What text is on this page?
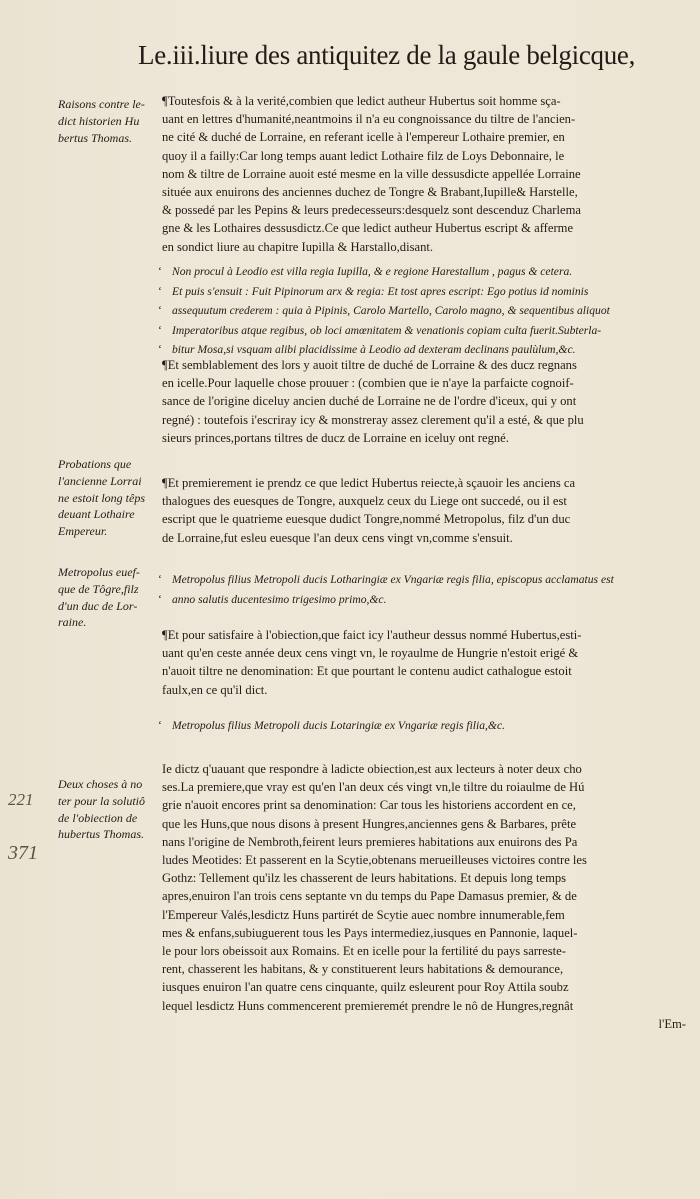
Le.iii.liure des antiquitez de la gaule belgicque,
¶Toutesfois & à la verité,combien que ledict autheur Hubertus soit homme sça-
uant en lettres d'humanité,neantmoins il n'a eu congnoissance du tiltre de l'ancien-
ne cité & duché de Lorraine, en referant icelle à l'empereur Lothaire premier, en
quoy il a failly:Car long temps auant ledict Lothaire filz de Loys Debonnaire, le
nom & tiltre de Lorraine auoit esté mesme en la ville dessusdicte appellée Lorraine
située aux enuirons des anciennes duchez de Tongre & Brabant,Iupille& Harstelle,
& possedé par les Pepins & leurs predecesseurs:desquelz sont descenduz Charlema
gne & les Lothaires dessusdictz.Ce que ledict autheur Hubertus escript & afferme
en sondict liure au chapitre Iupilla & Harstallo,disant.
‘ Non procul à Leodio est villa regia Iupilla, & e regione Harestallum , pagus & cetera.
‘ Et puis s'ensuit : Fuit Pipinorum arx & regia: Et tost apres escript: Ego potius id nominis
‘ assequutum crederem : quia à Pipinis, Carolo Martello, Carolo magno, & sequentibus aliquot
‘ Imperatoribus atque regibus, ob loci amœnitatem & venationis copiam culta fuerit.Subterla-
‘ bitur Mosa,si vsquam alibi placidissime à Leodio ad dexteram declinans paulùlum,&c.
¶Et semblablement des lors y auoit tiltre de duché de Lorraine & des ducz regnans
en icelle.Pour laquelle chose prouuer : (combien que ie n'aye la parfaicte cognoif-
sance de l'origine diceluy ancien duché de Lorraine ne de l'ordre d'iceux, qui y ont
regné) : toutefois i'escriray icy & monstreray assez clerement qu'il a esté, & que plu
sieurs princes,portans tiltres de ducz de Lorraine en iceluy ont regné.
¶Et premierement ie prendz ce que ledict Hubertus reiecte,à sçauoir les anciens ca
thalogues des euesques de Tongre, auxquelz ceux du Liege ont succedé, ou il est
escript que le quatrieme euesque dudict Tongre,nommé Metropolus, filz d'un duc
de Lorraine,fut esleu euesque l'an deux cens vingt vn,comme s'ensuit.
‘ Metropolus filius Metropoli ducis Lotharingiæ ex Vngariæ regis filia, episcopus acclamatus est
‘ anno salutis ducentesimo trigesimo primo,&c.
¶Et pour satisfaire à l'obiection,que faict icy l'autheur dessus nommé Hubertus,esti-
uant qu'en ceste année deux cens vingt vn, le royaulme de Hungrie n'estoit erigé &
n'auoit tiltre ne denomination: Et que pourtant le contenu audict cathalogue estoit
faulx,en ce qu'il dict.
‘ Metropolus filius Metropoli ducis Lotaringiæ ex Vngariæ regis filia,&c.
Ie dictz q'uauant que respondre à ladicte obiection,est aux lecteurs à noter deux cho
ses.La premiere,que vray est qu'en l'an deux cés vingt vn,le tiltre du roiaulme de Hú
grie n'auoit encores print sa denomination: Car tous les historiens accordent en ce,
que les Huns,que nous disons à present Hungres,anciennes gens & Barbares, prête
nans l'origine de Nembroth,feirent leurs premieres habitations aux enuirons des Pa
ludes Meotides: Et passerent en la Scytie,obtenans merueilleuses victoires contre les
Gothz: Tellement qu'ilz les chasserent de leurs habitations. Et depuis long temps
apres,enuiron l'an trois cens septante vn du temps du Pape Damasus premier, & de
l'Empereur Valés,lesdictz Huns partirét de Scytie auec nombre innumerable,fem
mes & enfans,subiuguerent tous les Pays intermediez,iusques en Pannonie, laquel-
le pour lors obeissoit aux Romains. Et en icelle pour la fertilité du pays sarreste-
rent, chasserent les habitans, & y constituerent leurs habitations & demourance,
iusques enuiron l'an quatre cens cinquante, quilz esleurent pour Roy Attila soubz
lequel lesdictz Huns commencerent premieremét prendre le nô de Hungres,regnât
l'Em-
Raisons contre le-
dict historien Hu
bertus Thomas.
Probations que
l'ancienne Lorrai
ne estoit long têps
deuant Lothaire
Empereur.
Metropolus euef-
que de Tôgre,filz
d'un duc de Lor-
raine.
Deux choses à no
ter pour la solutiô
de l'obiection de
hubertus Thomas.
221
371
